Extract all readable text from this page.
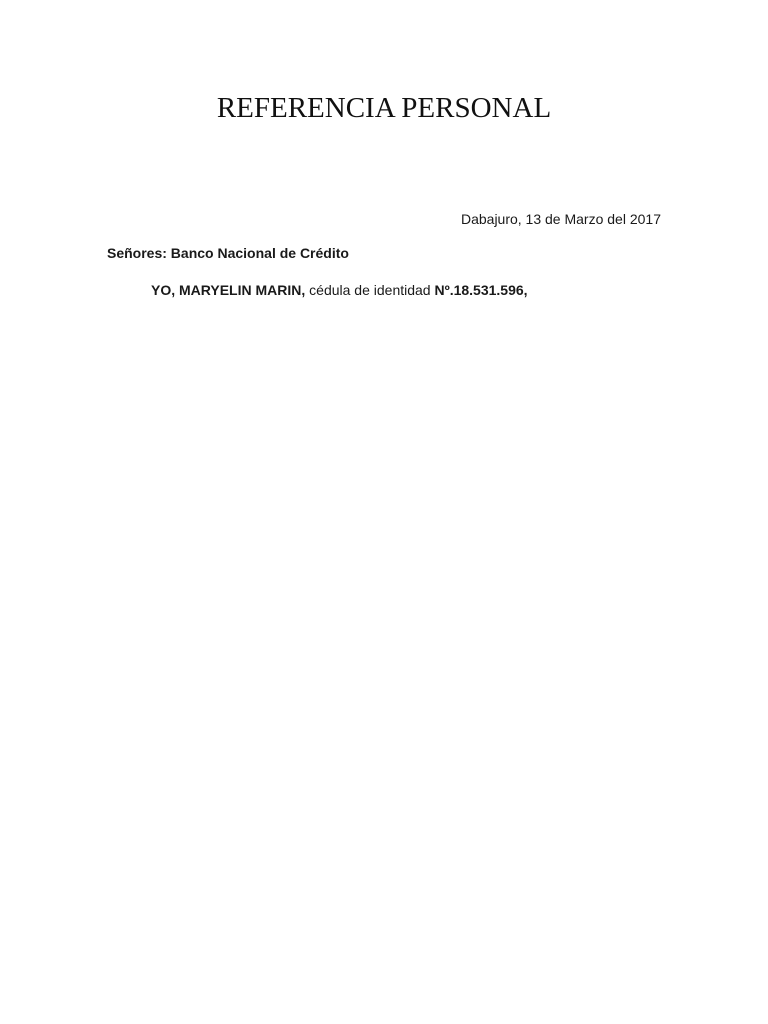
REFERENCIA PERSONAL
Dabajuro, 13 de Marzo del 2017
Señores: Banco Nacional de Crédito
YO, MARYELIN MARIN, cédula de identidad Nº.18.531.596,
